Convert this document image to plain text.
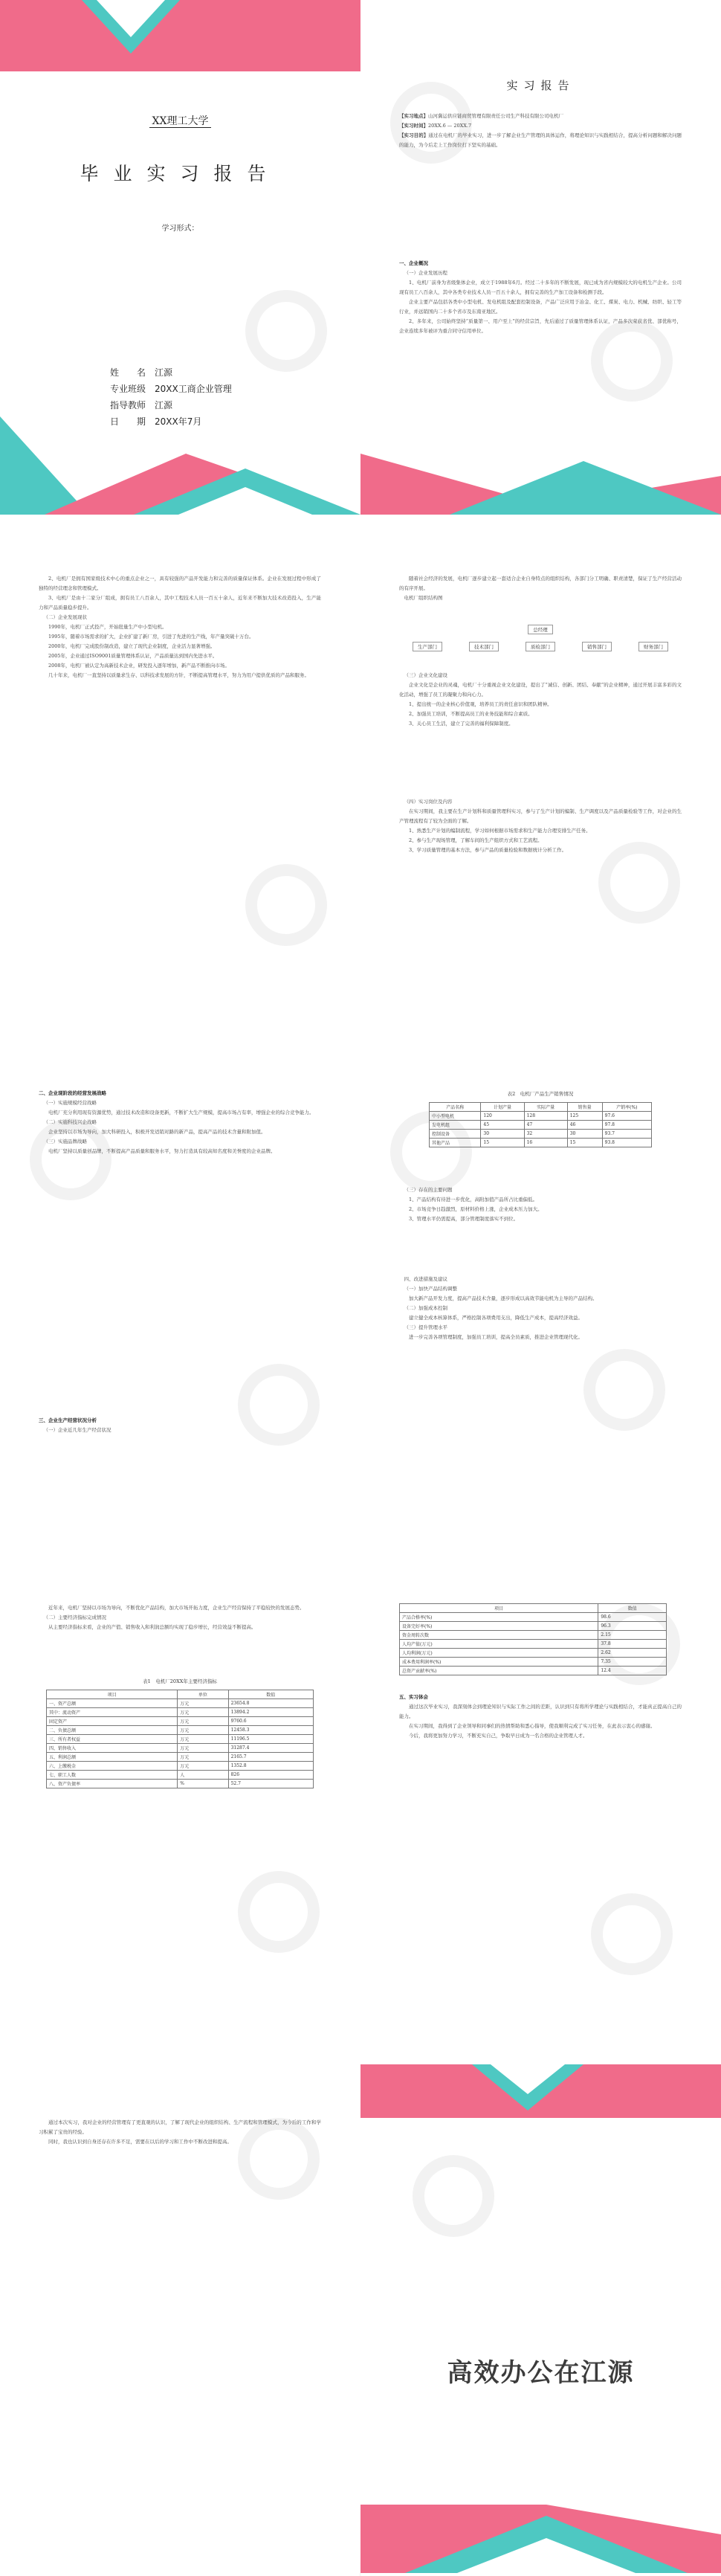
XX理工大学
毕业实习报告
学习形式：
姓　　名 江源
专业班级 20XX工商企业管理
指导教师 江源
日　　期 20XX年7月
实习报告

【实习地点】山河冀运供应链商贸管理有限责任公司生产科技有限公司电机厂

【实习时间】20XX.6 — 20XX.7

【实习目的】通过在电机厂的毕业实习，进一步了解企业生产管理的具体运作，将理论知识与实践相结合，提高分析问题和解决问题的能力，为今后走上工作岗位打下坚实的基础。

一、企业概况

（一）企业发展历程

1、电机厂前身为省级集体企业，成立于1988年6月。经过二十多年的不断发展，现已成为省内规模较大的电机生产企业。公司现有员工八百余人，其中各类专业技术人员一百五十余人，拥有完善的生产加工设备和检测手段。

企业主要产品包括各类中小型电机、发电机组及配套控制设备，产品广泛应用于冶金、化工、煤炭、电力、机械、纺织、轻工等行业，并远销国内二十多个省市及东南亚地区。

2、多年来，公司始终坚持“质量第一、用户至上”的经营宗旨，先后通过了质量管理体系认证，产品多次荣获省优、部优称号，企业连续多年被评为重合同守信用单位。

2、电机厂是拥有国家级技术中心的重点企业之一，具有较强的产品开发能力和完善的质量保证体系。企业在发展过程中形成了独特的经营理念和管理模式。

3、电机厂是由十二家分厂组成，拥有员工八百余人，其中工程技术人员一百五十余人，近年来不断加大技术改造投入，生产能力和产品质量稳步提升。

（二）企业发展现状

1990年，电机厂正式投产，开始批量生产中小型电机。

1995年，随着市场需求的扩大，企业扩建了新厂房，引进了先进的生产线，年产量突破十万台。

2000年，电机厂完成股份制改造，建立了现代企业制度，企业活力显著增强。

2005年，企业通过ISO9001质量管理体系认证，产品质量达到国内先进水平。

2008年，电机厂被认定为高新技术企业，研发投入逐年增加，新产品不断推向市场。

几十年来，电机厂一直坚持以质量求生存、以科技求发展的方针，不断提高管理水平，努力为用户提供优质的产品和服务。

随着社会经济的发展，电机厂逐步建立起一套适合企业自身特点的组织结构，各部门分工明确、职责清楚，保证了生产经营活动的有序开展。

电机厂组织结构图

总经理
生产部门	技术部门	质检部门	销售部门	财务部门

（三）企业文化建设

企业文化是企业的灵魂，电机厂十分重视企业文化建设，提出了“诚信、创新、团结、奉献”的企业精神，通过开展丰富多彩的文化活动，增强了员工的凝聚力和向心力。

1、提出统一的企业核心价值观，培养员工的责任意识和团队精神。

2、加强员工培训，不断提高员工的业务技能和综合素质。

3、关心员工生活，建立了完善的福利保障制度。

（四）实习岗位及内容

在实习期间，我主要在生产计划科和质量管理科实习，参与了生产计划的编制、生产调度以及产品质量检验等工作，对企业的生产管理流程有了较为全面的了解。

1、熟悉生产计划的编制流程，学习如何根据市场需求和生产能力合理安排生产任务。

2、参与生产现场管理，了解车间的生产组织方式和工艺流程。

3、学习质量管理的基本方法，参与产品的质量检验和数据统计分析工作。

二、企业现阶段的经营发展战略

（一）实施规模经营战略

电机厂充分利用现有资源优势，通过技术改造和设备更新，不断扩大生产规模，提高市场占有率，增强企业的综合竞争能力。

（二）实施科技兴企战略

企业坚持以市场为导向，加大科研投入，积极开发适销对路的新产品，提高产品的技术含量和附加值。

（三）实施品牌战略

电机厂坚持以质量创品牌，不断提高产品质量和服务水平，努力打造具有较高知名度和美誉度的企业品牌。

三、企业生产经营状况分析

（一）企业近几年生产经营状况

表2　电机厂产品生产销售情况
产品名称	计划产量	实际产量	销售量	产销率(%)
中小型电机	120	128	125	97.6
发电机组	45	47	46	97.8
控制设备	30	32	30	93.7
其他产品	15	16	15	93.8

（三）存在的主要问题

1、产品结构有待进一步优化，高附加值产品所占比重偏低。

2、市场竞争日趋激烈，原材料价格上涨，企业成本压力加大。

3、管理水平仍需提高，部分管理制度落实不到位。

四、改进措施及建议

（一）加快产品结构调整

加大新产品开发力度，提高产品技术含量，逐步形成以高效节能电机为主导的产品结构。

（二）加强成本控制

建立健全成本核算体系，严格控制各项费用支出，降低生产成本，提高经济效益。

（三）提升管理水平

进一步完善各项管理制度，加强员工培训，提高全员素质，推进企业管理现代化。

近年来，电机厂坚持以市场为导向，不断优化产品结构，加大市场开拓力度，企业生产经营保持了平稳较快的发展态势。

（二）主要经济指标完成情况

从主要经济指标来看，企业的产值、销售收入和利润总额均实现了稳步增长，经营效益不断提高。

表1　电机厂20XX年主要经济指标
项目	单位	数值
一、资产总额	万元	23654.8
其中：流动资产	万元	13894.2
固定资产	万元	9760.6
二、负债总额	万元	12458.3
三、所有者权益	万元	11196.5
四、销售收入	万元	31287.4
五、利润总额	万元	2165.7
六、上缴税金	万元	1352.8
七、职工人数	人	826
八、资产负债率	%	52.7
项目	数值
产品合格率(%)	98.6
设备完好率(%)	96.3
资金周转次数	2.15
人均产值(万元)	37.8
人均利润(万元)	2.62
成本费用利润率(%)	7.35
总资产贡献率(%)	12.4

五、实习体会

通过这次毕业实习，我深刻体会到理论知识与实际工作之间的差距，认识到只有将所学理论与实践相结合，才能真正提高自己的能力。

在实习期间，我得到了企业领导和同事们的热情帮助和悉心指导，使我顺利完成了实习任务，在此表示衷心的感谢。

今后，我将更加努力学习，不断充实自己，争取早日成为一名合格的企业管理人才。

通过本次实习，我对企业的经营管理有了更直观的认识，了解了现代企业的组织结构、生产流程和管理模式，为今后的工作和学习积累了宝贵的经验。

同时，我也认识到自身还存在许多不足，需要在以后的学习和工作中不断改进和提高。

高效办公在江源
